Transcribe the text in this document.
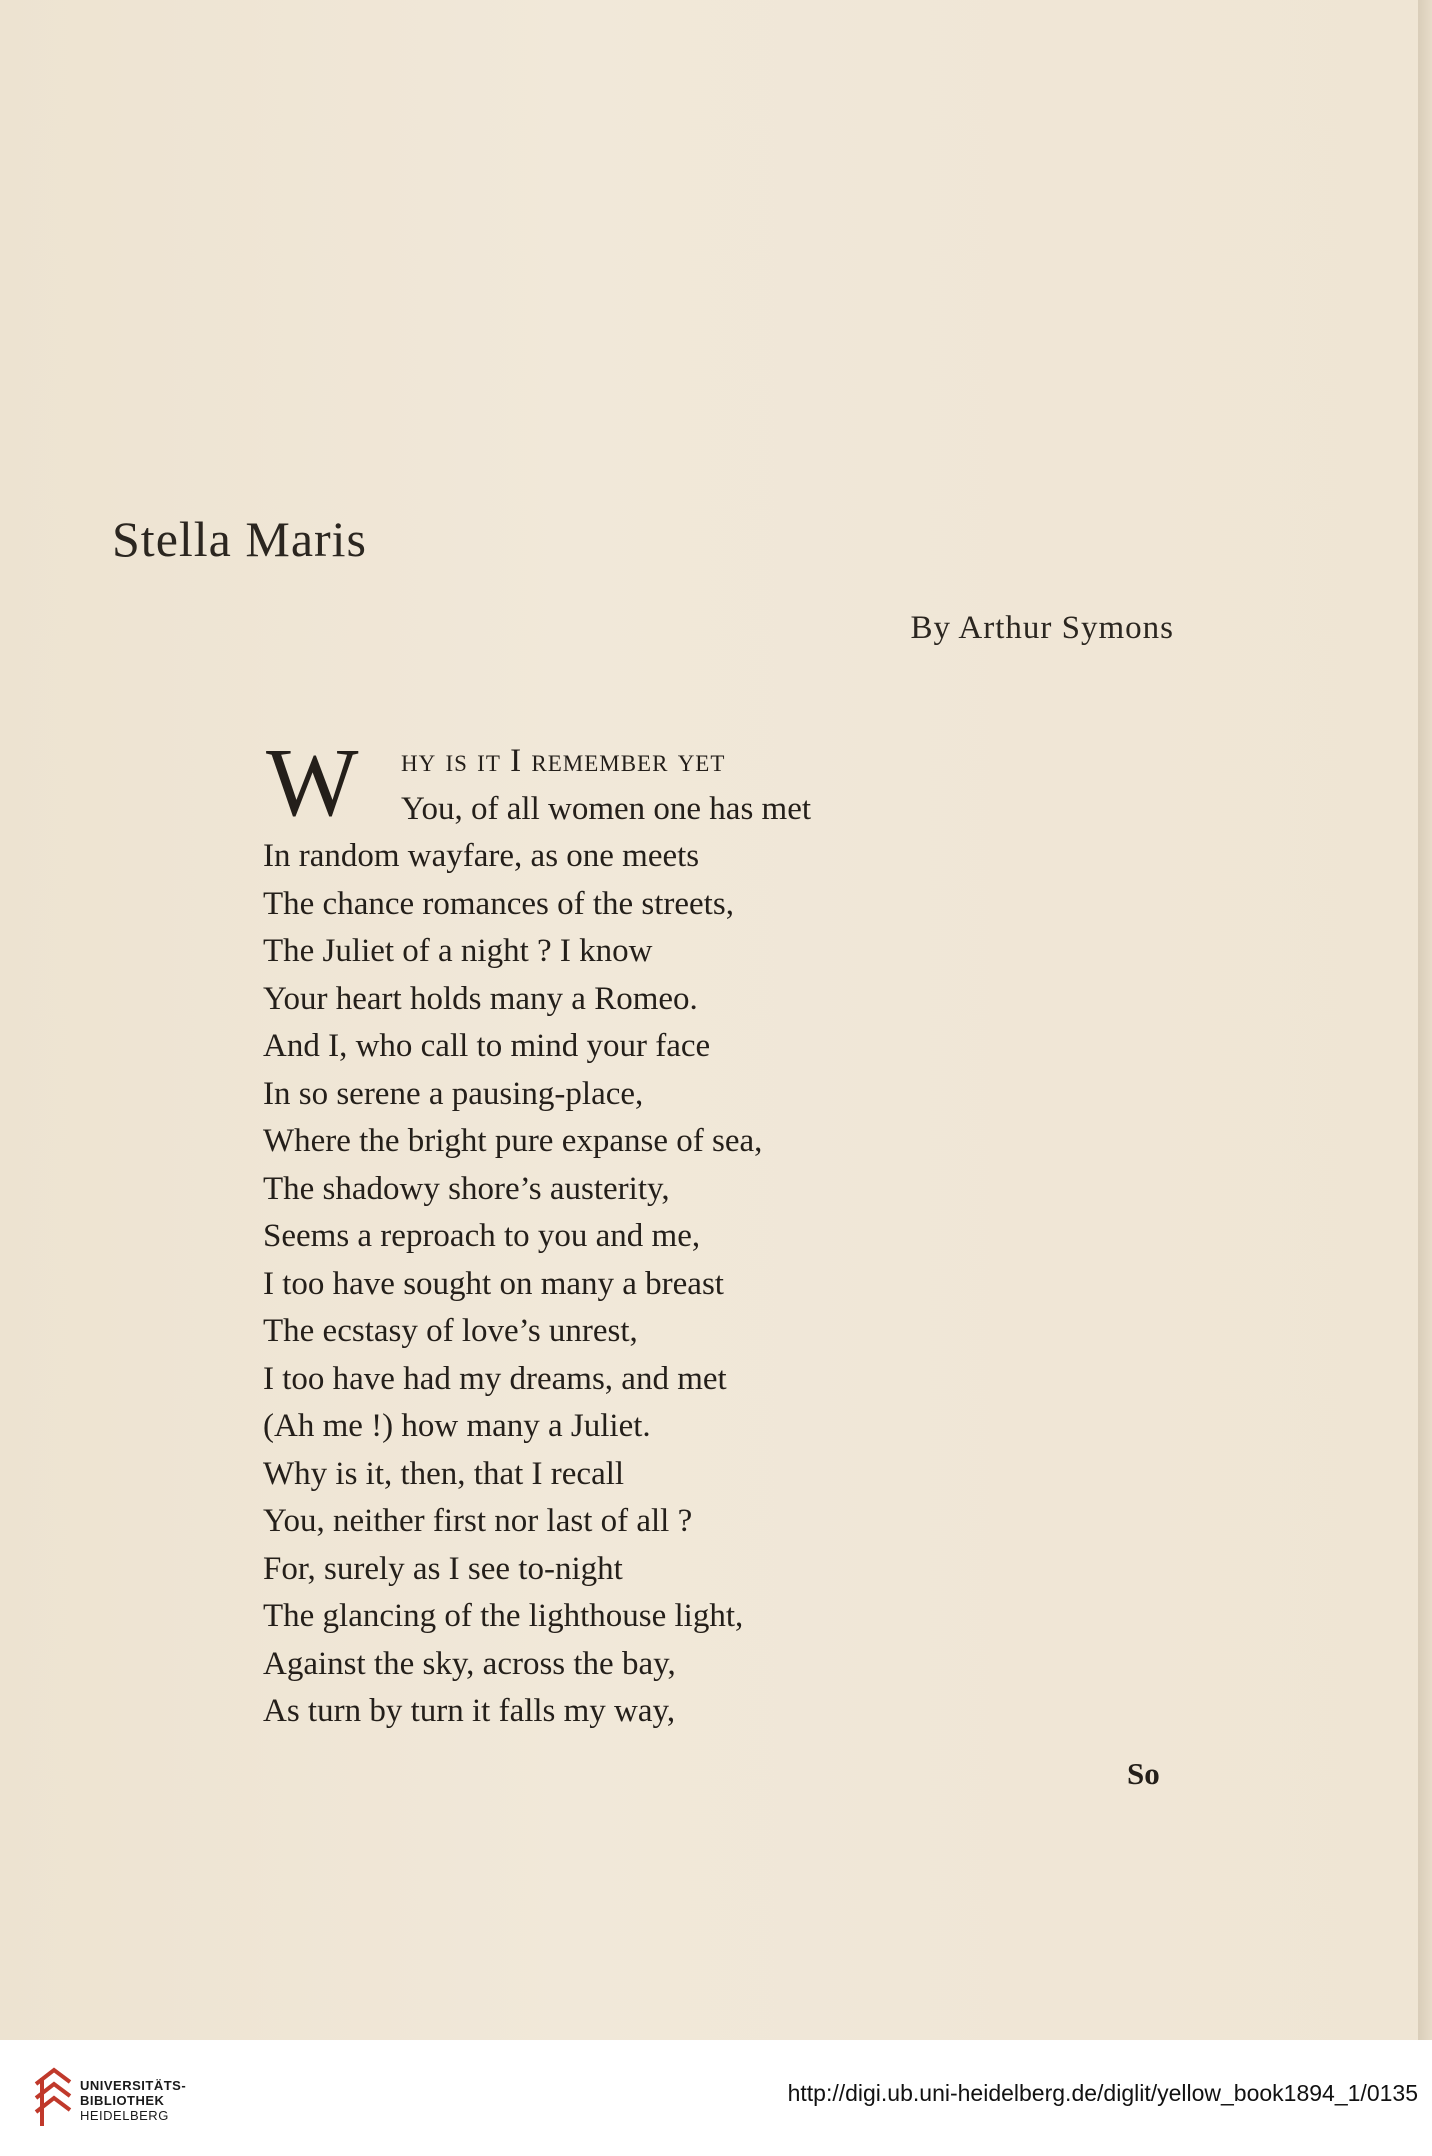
Stella Maris
By Arthur Symons
W	hy is it I remember yet
You, of all women one has met
In random wayfare, as one meets
The chance romances of the streets,
The Juliet of a night ? I know
Your heart holds many a Romeo.
And I, who call to mind your face
In so serene a pausing-place,
Where the bright pure expanse of sea,
The shadowy shore’s austerity,
Seems a reproach to you and me,
I too have sought on many a breast
The ecstasy of love’s unrest,
I too have had my dreams, and met
(Ah me !) how many a Juliet.
Why is it, then, that I recall
You, neither first nor last of all ?
For, surely as I see to-night
The glancing of the lighthouse light,
Against the sky, across the bay,
As turn by turn it falls my way,
So
UNIVERSITÄTS-
BIBLIOTHEK
HEIDELBERG
http://digi.ub.uni-heidelberg.de/diglit/yellow_book1894_1/0135
